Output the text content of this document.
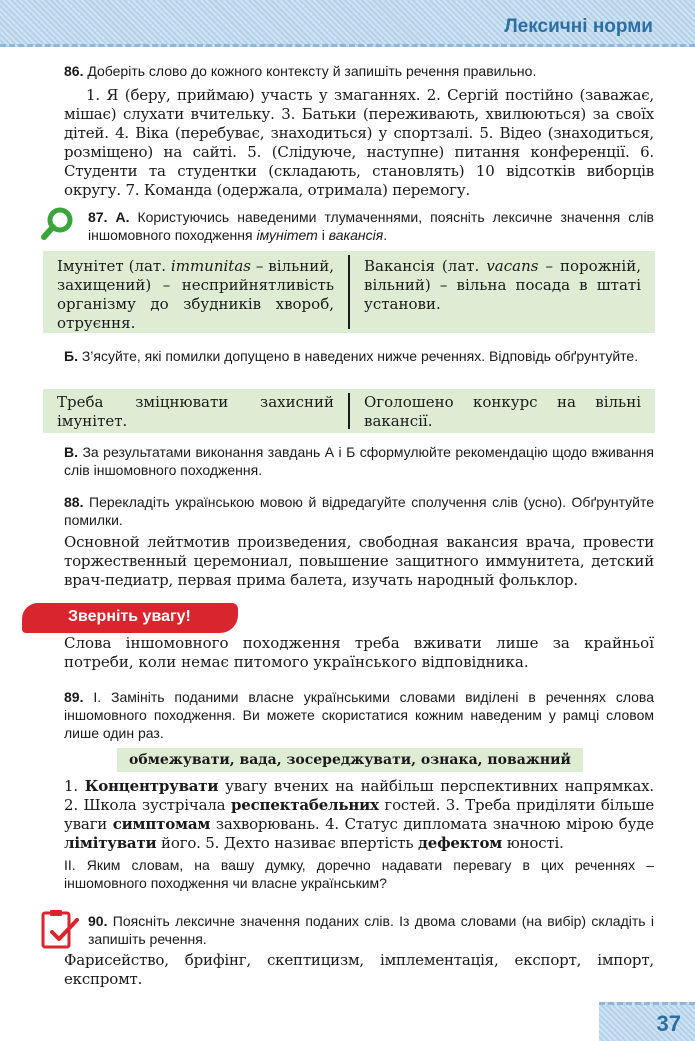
Лексичні норми
86. Доберіть слово до кожного контексту й запишіть речення правильно.
1. Я (беру, приймаю) участь у змаганнях. 2. Сергій постійно (заважає, мішає) слухати вчительку. 3. Батьки (переживають, хвилюються) за своїх дітей. 4. Віка (перебуває, знаходиться) у спортзалі. 5. Відео (знаходиться, розміщено) на сайті. 5. (Слідуюче, наступне) питання конференції. 6. Студенти та студентки (складають, становлять) 10 відсотків виборців округу. 7. Команда (одержала, отримала) перемогу.
87. А. Користуючись наведеними тлумаченнями, поясніть лексичне значення слів іншомовного походження імунітет і вакансія.
Імунітет (лат. immunitas – вільний, захищений) – несприйнятливість організму до збудників хвороб, отруєння.
Вакансія (лат. vacans – порожній, вільний) – вільна посада в штаті установи.
Б. З’ясуйте, які помилки допущено в наведених нижче реченнях. Відповідь обґрунтуйте.
Треба зміцнювати захисний імунітет.
Оголошено конкурс на вільні вакансії.
В. За результатами виконання завдань А і Б сформулюйте рекомендацію щодо вживання слів іншомовного походження.
88. Перекладіть українською мовою й відредагуйте сполучення слів (усно). Обґрунтуйте помилки.
Основной лейтмотив произведения, свободная вакансия врача, провести торжественный церемониал, повышение защитного иммунитета, детский врач-педиатр, первая прима балета, изучать народный фольклор.
Зверніть увагу!
Слова іншомовного походження треба вживати лише за крайньої потреби, коли немає питомого українського відповідника.
89. І. Замініть поданими власне українськими словами виділені в реченнях слова іншомовного походження. Ви можете скористатися кожним наведеним у рамці словом лише один раз.
обмежувати, вада, зосереджувати, ознака, поважний
1. Концентрувати увагу вчених на найбільш перспективних напрямках. 2. Школа зустрічала респектабельних гостей. 3. Треба приділяти більше уваги симптомам захворювань. 4. Статус дипломата значною мірою буде лімітувати його. 5. Дехто називає впертість дефектом юності.
ІІ. Яким словам, на вашу думку, доречно надавати перевагу в цих реченнях – іншомовного походження чи власне українським?
90. Поясніть лексичне значення поданих слів. Із двома словами (на вибір) складіть і запишіть речення.
Фарисейство, брифінг, скептицизм, імплементація, експорт, імпорт, експромт.
37
